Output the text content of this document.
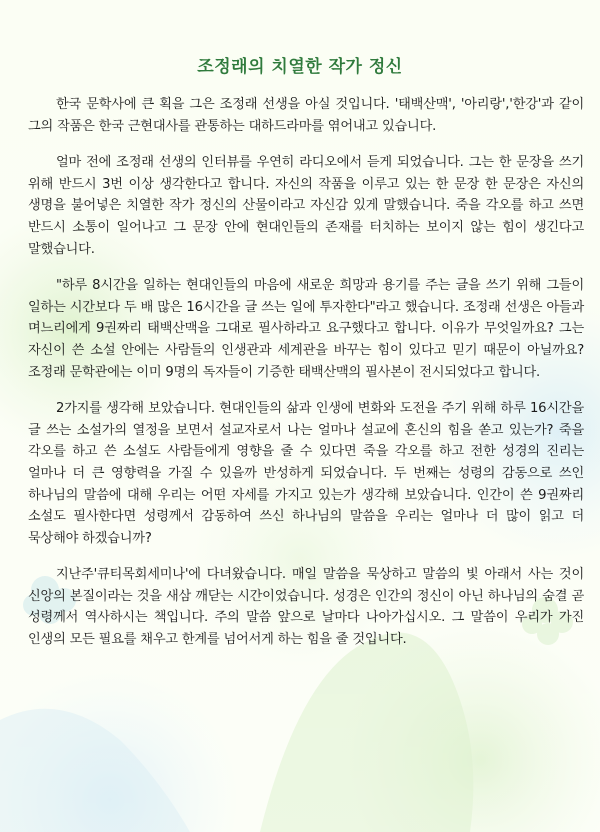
조정래의 치열한 작가 정신

한국 문학사에 큰 획을 그은 조정래 선생을 아실 것입니다. '태백산맥', '아리랑','한강'과 같이 그의 작품은 한국 근현대사를 관통하는 대하드라마를 엮어내고 있습니다.

얼마 전에 조정래 선생의 인터뷰를 우연히 라디오에서 듣게 되었습니다. 그는 한 문장을 쓰기 위해 반드시 3번 이상 생각한다고 합니다. 자신의 작품을 이루고 있는 한 문장 한 문장은 자신의 생명을 불어넣은 치열한 작가 정신의 산물이라고 자신감 있게 말했습니다. 죽을 각오를 하고 쓰면 반드시 소통이 일어나고 그 문장 안에 현대인들의 존재를 터치하는 보이지 않는 힘이 생긴다고 말했습니다.

"하루 8시간을 일하는 현대인들의 마음에 새로운 희망과 용기를 주는 글을 쓰기 위해 그들이 일하는 시간보다 두 배 많은 16시간을 글 쓰는 일에 투자한다"라고 했습니다. 조정래 선생은 아들과 며느리에게 9권짜리 태백산맥을 그대로 필사하라고 요구했다고 합니다. 이유가 무엇일까요? 그는 자신이 쓴 소설 안에는 사람들의 인생관과 세계관을 바꾸는 힘이 있다고 믿기 때문이 아닐까요? 조정래 문학관에는 이미 9명의 독자들이 기증한 태백산맥의 필사본이 전시되었다고 합니다.

2가지를 생각해 보았습니다. 현대인들의 삶과 인생에 변화와 도전을 주기 위해 하루 16시간을 글 쓰는 소설가의 열정을 보면서 설교자로서 나는 얼마나 설교에 혼신의 힘을 쏟고 있는가? 죽을 각오를 하고 쓴 소설도 사람들에게 영향을 줄 수 있다면 죽을 각오를 하고 전한 성경의 진리는 얼마나 더 큰 영향력을 가질 수 있을까 반성하게 되었습니다. 두 번째는 성령의 감동으로 쓰인 하나님의 말씀에 대해 우리는 어떤 자세를 가지고 있는가 생각해 보았습니다. 인간이 쓴 9권짜리 소설도 필사한다면 성령께서 감동하여 쓰신 하나님의 말씀을 우리는 얼마나 더 많이 읽고 더 묵상해야 하겠습니까?

지난주'큐티목회세미나'에 다녀왔습니다. 매일 말씀을 묵상하고 말씀의 빛 아래서 사는 것이 신앙의 본질이라는 것을 새삼 깨닫는 시간이었습니다. 성경은 인간의 정신이 아닌 하나님의 숨결 곧 성령께서 역사하시는 책입니다. 주의 말씀 앞으로 날마다 나아가십시오. 그 말씀이 우리가 가진 인생의 모든 필요를 채우고 한계를 넘어서게 하는 힘을 줄 것입니다.
